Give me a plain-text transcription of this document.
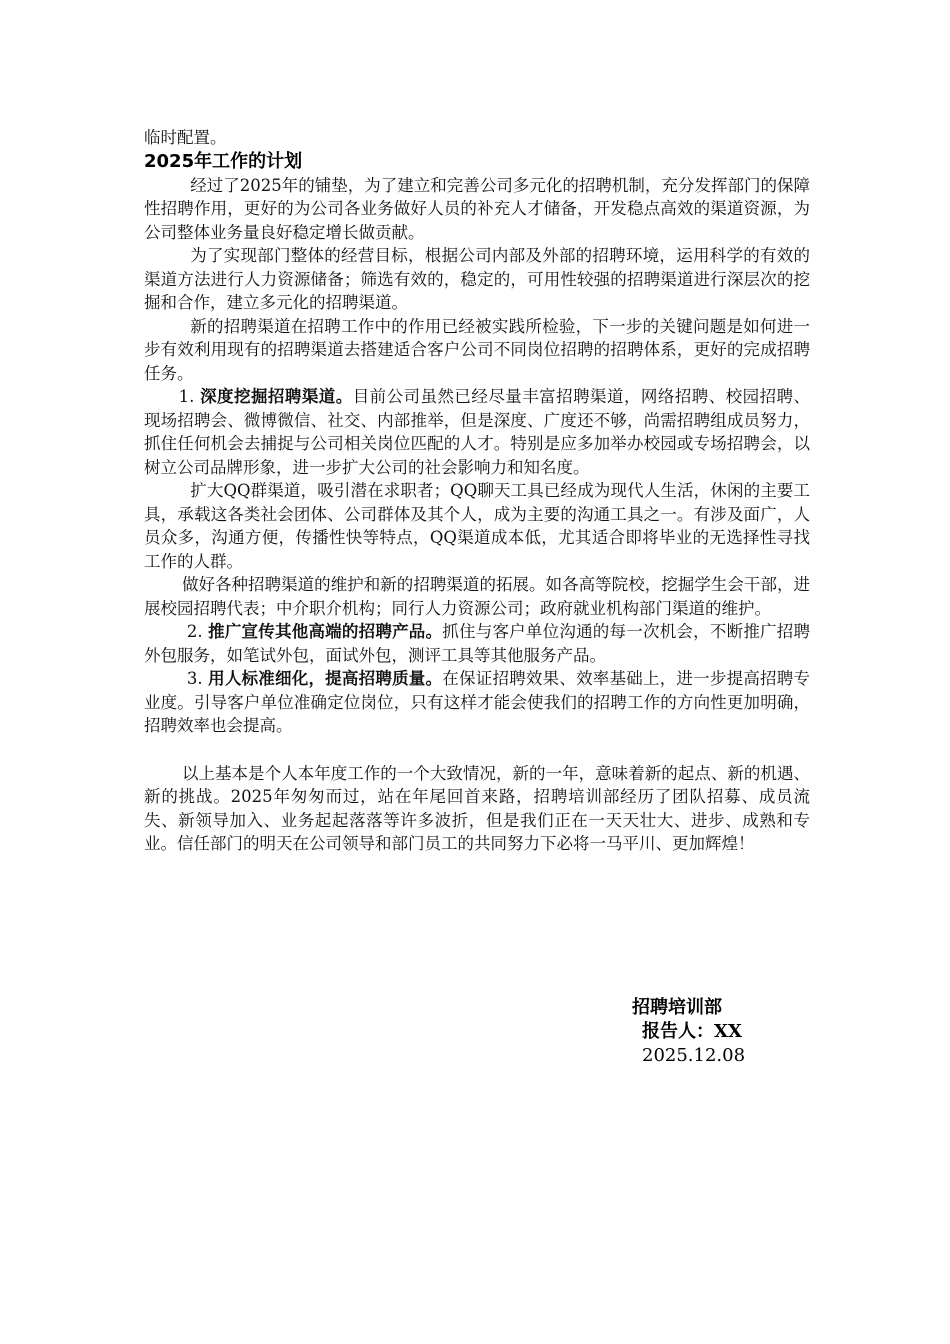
临时配置。

2025年工作的计划

经过了2025年的铺垫，为了建立和完善公司多元化的招聘机制，充分发挥部门的保障性招聘作用，更好的为公司各业务做好人员的补充人才储备，开发稳点高效的渠道资源，为公司整体业务量良好稳定增长做贡献。

为了实现部门整体的经营目标，根据公司内部及外部的招聘环境，运用科学的有效的渠道方法进行人力资源储备；筛选有效的，稳定的，可用性较强的招聘渠道进行深层次的挖掘和合作，建立多元化的招聘渠道。

新的招聘渠道在招聘工作中的作用已经被实践所检验，下一步的关键问题是如何进一步有效利用现有的招聘渠道去搭建适合客户公司不同岗位招聘的招聘体系，更好的完成招聘任务。

1. 深度挖掘招聘渠道。目前公司虽然已经尽量丰富招聘渠道，网络招聘、校园招聘、现场招聘会、微博微信、社交、内部推举，但是深度、广度还不够，尚需招聘组成员努力，抓住任何机会去捕捉与公司相关岗位匹配的人才。特别是应多加举办校园或专场招聘会，以树立公司品牌形象，进一步扩大公司的社会影响力和知名度。

扩大QQ群渠道，吸引潜在求职者；QQ聊天工具已经成为现代人生活，休闲的主要工具，承载这各类社会团体、公司群体及其个人，成为主要的沟通工具之一。有涉及面广，人员众多，沟通方便，传播性快等特点，QQ渠道成本低，尤其适合即将毕业的无选择性寻找工作的人群。

做好各种招聘渠道的维护和新的招聘渠道的拓展。如各高等院校，挖掘学生会干部，进展校园招聘代表；中介职介机构；同行人力资源公司；政府就业机构部门渠道的维护。

2. 推广宣传其他高端的招聘产品。抓住与客户单位沟通的每一次机会，不断推广招聘外包服务，如笔试外包，面试外包，测评工具等其他服务产品。

3. 用人标准细化，提高招聘质量。在保证招聘效果、效率基础上，进一步提高招聘专业度。引导客户单位准确定位岗位，只有这样才能会使我们的招聘工作的方向性更加明确，招聘效率也会提高。

以上基本是个人本年度工作的一个大致情况，新的一年，意味着新的起点、新的机遇、新的挑战。2025年匆匆而过，站在年尾回首来路，招聘培训部经历了团队招募、成员流失、新领导加入、业务起起落落等许多波折，但是我们正在一天天壮大、进步、成熟和专业。信任部门的明天在公司领导和部门员工的共同努力下必将一马平川、更加辉煌！

招聘培训部
报告人：XX
2025.12.08
